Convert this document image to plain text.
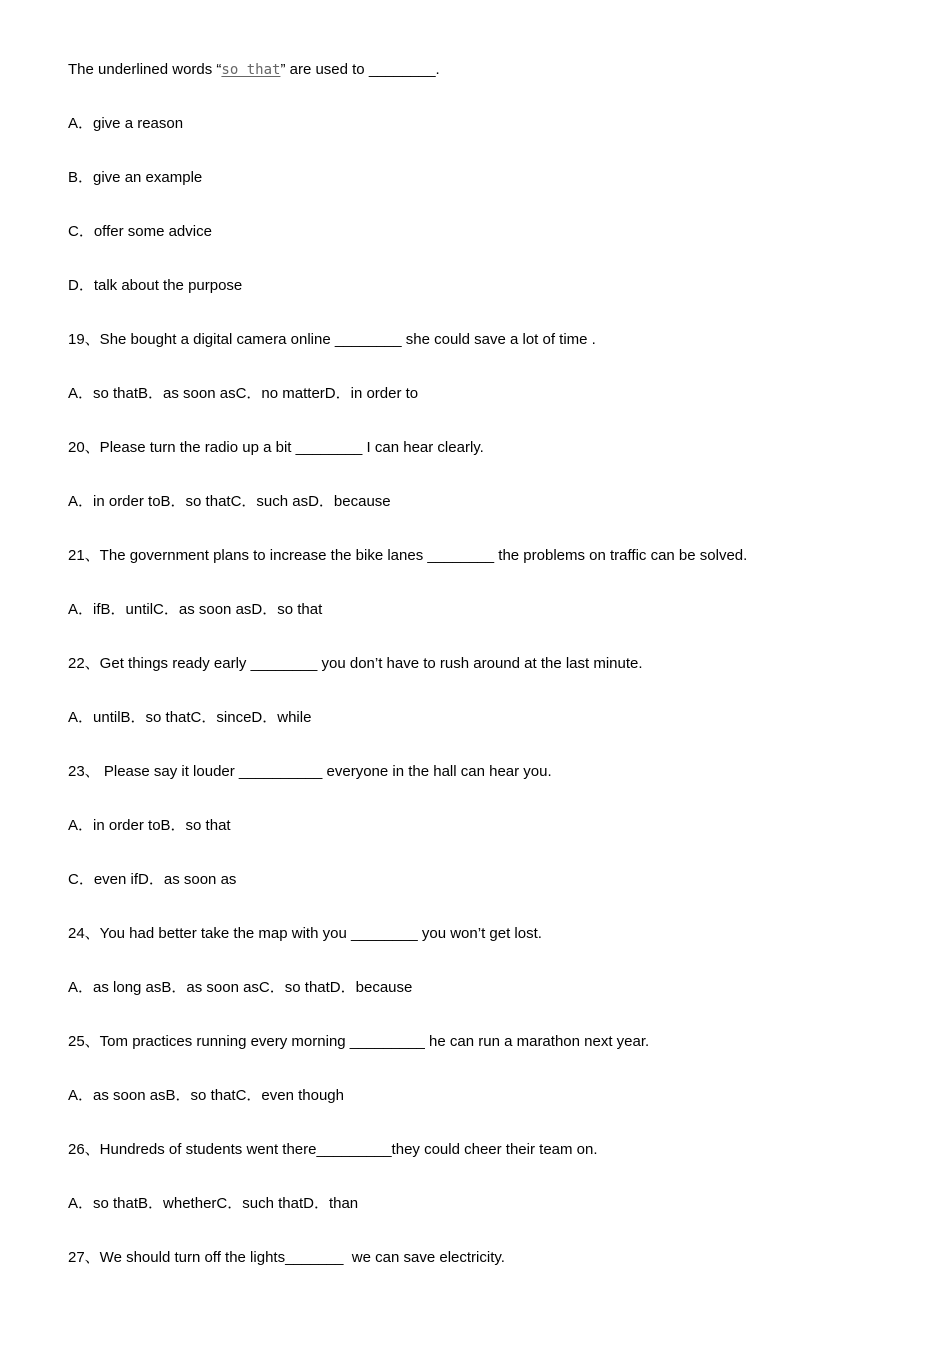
The underlined words “so that” are used to ________.
A．give a reason
B．give an example
C．offer some advice
D．talk about the purpose
19、She bought a digital camera online ________ she could save a lot of time .
A．so thatB．as soon asC．no matterD．in order to
20、Please turn the radio up a bit ________ I can hear clearly.
A．in order toB．so thatC．such asD．because
21、The government plans to increase the bike lanes ________ the problems on traffic can be solved.
A．ifB．untilC．as soon asD．so that
22、Get things ready early ________ you don’t have to rush around at the last minute.
A．untilB．so thatC．sinceD．while
23、 Please say it louder __________ everyone in the hall can hear you.
A．in order toB．so that
C．even ifD．as soon as
24、You had better take the map with you ________ you won’t get lost.
A．as long asB．as soon asC．so thatD．because
25、Tom practices running every morning _________ he can run a marathon next year.
A．as soon asB．so thatC．even though
26、Hundreds of students went there_________they could cheer their team on.
A．so thatB．whetherC．such thatD．than
27、We should turn off the lights_______  we can save electricity.
